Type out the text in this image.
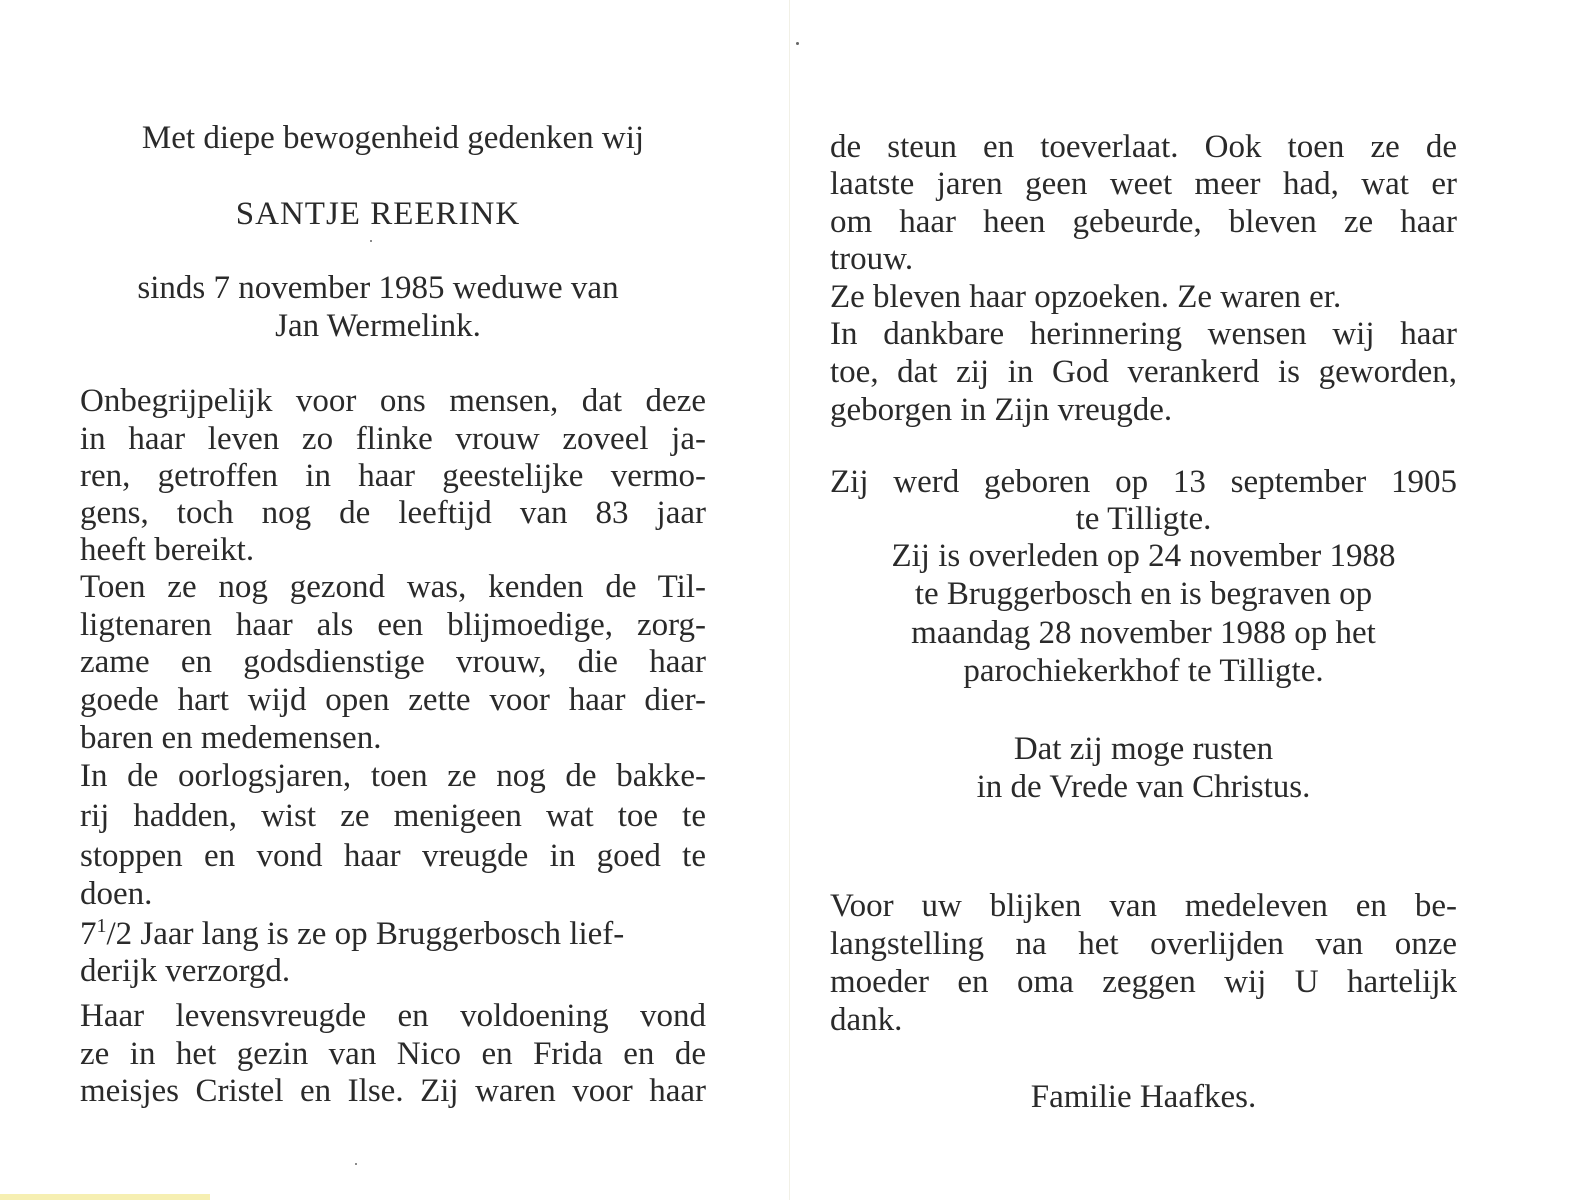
Met diepe bewogenheid gedenken wij
SANTJE REERINK
sinds 7 november 1985 weduwe van
Jan Wermelink.
Onbegrijpelijk voor ons mensen, dat deze
in haar leven zo flinke vrouw zoveel ja-
ren, getroffen in haar geestelijke vermo-
gens, toch nog de leeftijd van 83 jaar
heeft bereikt.
Toen ze nog gezond was, kenden de Til-
ligtenaren haar als een blijmoedige, zorg-
zame en godsdienstige vrouw, die haar
goede hart wijd open zette voor haar dier-
baren en medemensen.
In de oorlogsjaren, toen ze nog de bakke-
rij hadden, wist ze menigeen wat toe te
stoppen en vond haar vreugde in goed te
doen.
$7^1/2$ Jaar lang is ze op Bruggerbosch lief-
derijk verzorgd.
Haar levensvreugde en voldoening vond
ze in het gezin van Nico en Frida en de
meisjes Cristel en Ilse. Zij waren voor haar
de steun en toeverlaat. Ook toen ze de
laatste jaren geen weet meer had, wat er
om haar heen gebeurde, bleven ze haar
trouw.
Ze bleven haar opzoeken. Ze waren er.
In dankbare herinnering wensen wij haar
toe, dat zij in God verankerd is geworden,
geborgen in Zijn vreugde.
Zij werd geboren op 13 september 1905
te Tilligte.
Zij is overleden op 24 november 1988
te Bruggerbosch en is begraven op
maandag 28 november 1988 op het
parochiekerkhof te Tilligte.
Dat zij moge rusten
in de Vrede van Christus.
Voor uw blijken van medeleven en be-
langstelling na het overlijden van onze
moeder en oma zeggen wij U hartelijk
dank.
Familie Haafkes.
